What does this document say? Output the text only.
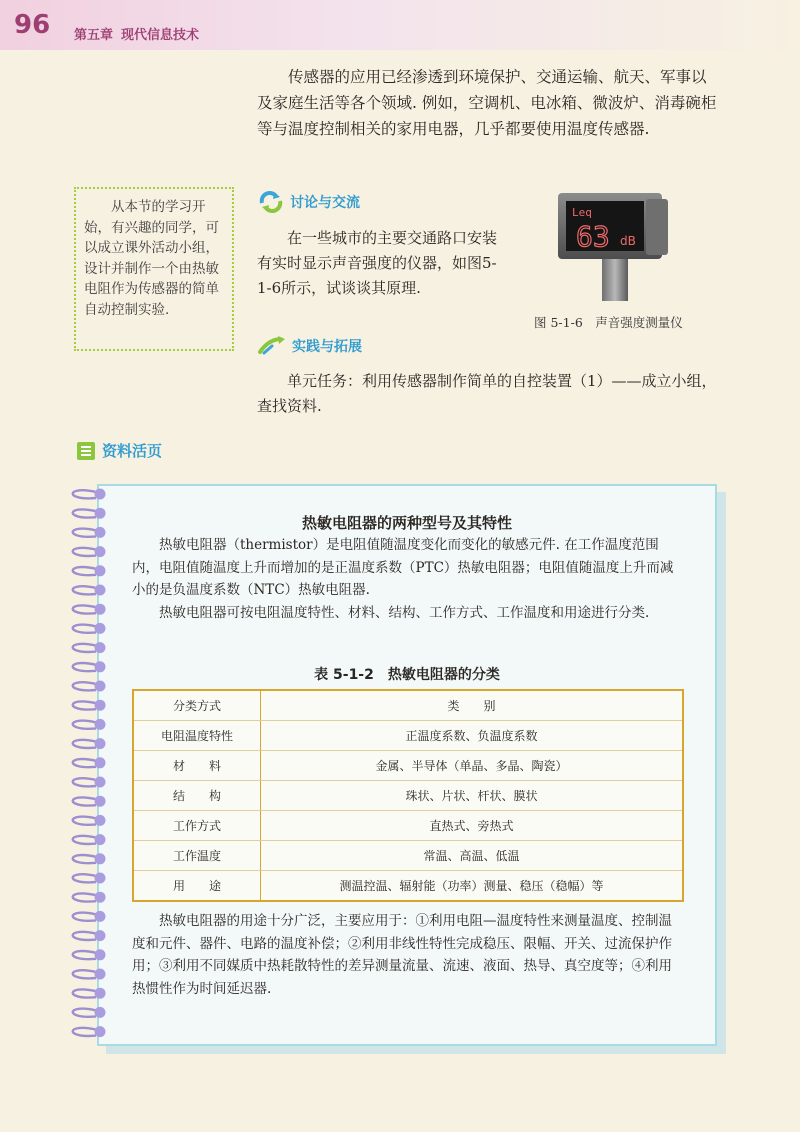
96 第五章 现代信息技术

传感器的应用已经渗透到环境保护、交通运输、航天、军事以及家庭生活等各个领域. 例如，空调机、电冰箱、微波炉、消毒碗柜等与温度控制相关的家用电器，几乎都要使用温度传感器.

从本节的学习开始，有兴趣的同学，可以成立课外活动小组，设计并制作一个由热敏电阻作为传感器的简单自动控制实验.
讨论与交流

在一些城市的主要交通路口安装有实时显示声音强度的仪器，如图5-1-6所示，试谈谈其原理.

Leq
63 dB
图 5-1-6　声音强度测量仪
实践与拓展

单元任务：利用传感器制作简单的自控装置（1）——成立小组，查找资料.

资料活页
热敏电阻器的两种型号及其特性

热敏电阻器（thermistor）是电阻值随温度变化而变化的敏感元件. 在工作温度范围内，电阻值随温度上升而增加的是正温度系数（PTC）热敏电阻器；电阻值随温度上升而减小的是负温度系数（NTC）热敏电阻器.

热敏电阻器可按电阻温度特性、材料、结构、工作方式、工作温度和用途进行分类.

表 5-1-2　热敏电阻器的分类
分类方式	类　　别
电阻温度特性	正温度系数、负温度系数
材　　料	金属、半导体（单晶、多晶、陶瓷）
结　　构	珠状、片状、杆状、膜状
工作方式	直热式、旁热式
工作温度	常温、高温、低温
用　　途	测温控温、辐射能（功率）测量、稳压（稳幅）等

热敏电阻器的用途十分广泛，主要应用于：①利用电阻—温度特性来测量温度、控制温度和元件、器件、电路的温度补偿；②利用非线性特性完成稳压、限幅、开关、过流保护作用；③利用不同媒质中热耗散特性的差异测量流量、流速、液面、热导、真空度等；④利用热惯性作为时间延迟器.
